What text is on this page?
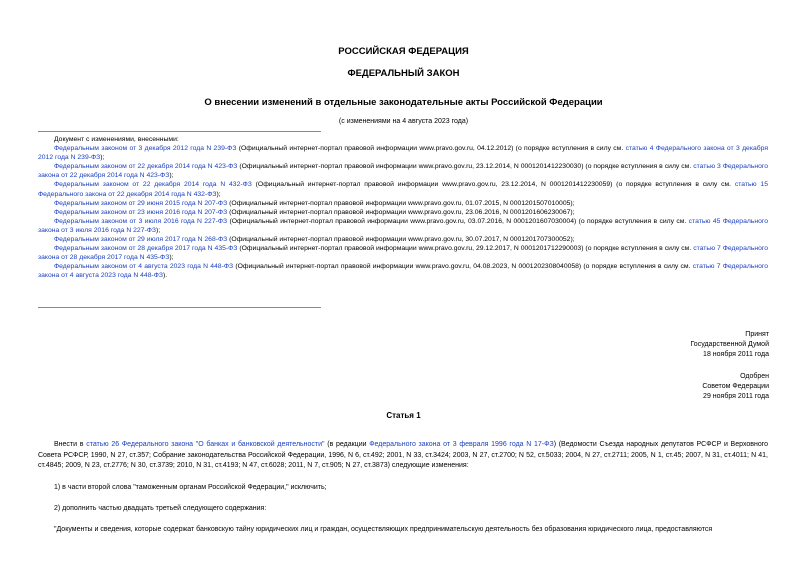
РОССИЙСКАЯ ФЕДЕРАЦИЯ
ФЕДЕРАЛЬНЫЙ ЗАКОН
О внесении изменений в отдельные законодательные акты Российской Федерации
(с изменениями на 4 августа 2023 года)
Документ с изменениями, внесенными:
Федеральным законом от 3 декабря 2012 года N 239-ФЗ (Официальный интернет-портал правовой информации www.pravo.gov.ru, 04.12.2012) (о порядке вступления в силу см. статью 4 Федерального закона от 3 декабря 2012 года N 239-ФЗ);
Федеральным законом от 22 декабря 2014 года N 423-ФЗ (Официальный интернет-портал правовой информации www.pravo.gov.ru, 23.12.2014, N 0001201412230030) (о порядке вступления в силу см. статью 3 Федерального закона от 22 декабря 2014 года N 423-ФЗ);
Федеральным законом от 22 декабря 2014 года N 432-ФЗ (Официальный интернет-портал правовой информации www.pravo.gov.ru, 23.12.2014, N 0001201412230059) (о порядке вступления в силу см. статью 15 Федерального закона от 22 декабря 2014 года N 432-ФЗ);
Федеральным законом от 29 июня 2015 года N 207-ФЗ (Официальный интернет-портал правовой информации www.pravo.gov.ru, 01.07.2015, N 0001201507010005);
Федеральным законом от 23 июня 2016 года N 207-ФЗ (Официальный интернет-портал правовой информации www.pravo.gov.ru, 23.06.2016, N 0001201606230067);
Федеральным законом от 3 июля 2016 года N 227-ФЗ (Официальный интернет-портал правовой информации www.pravo.gov.ru, 03.07.2016, N 0001201607030004) (о порядке вступления в силу см. статью 45 Федерального закона от 3 июля 2016 года N 227-ФЗ);
Федеральным законом от 29 июля 2017 года N 268-ФЗ (Официальный интернет-портал правовой информации www.pravo.gov.ru, 30.07.2017, N 0001201707300052);
Федеральным законом от 28 декабря 2017 года N 435-ФЗ (Официальный интернет-портал правовой информации www.pravo.gov.ru, 29.12.2017, N 0001201712290003) (о порядке вступления в силу см. статью 7 Федерального закона от 28 декабря 2017 года N 435-ФЗ);
Федеральным законом от 4 августа 2023 года N 448-ФЗ (Официальный интернет-портал правовой информации www.pravo.gov.ru, 04.08.2023, N 0001202308040058) (о порядке вступления в силу см. статью 7 Федерального закона от 4 августа 2023 года N 448-ФЗ).
Принят
Государственной Думой
18 ноября 2011 года
Одобрен
Советом Федерации
29 ноября 2011 года
Статья 1
Внести в статью 26 Федерального закона "О банках и банковской деятельности" (в редакции Федерального закона от 3 февраля 1996 года N 17-ФЗ) (Ведомости Съезда народных депутатов РСФСР и Верховного Совета РСФСР, 1990, N 27, ст.357; Собрание законодательства Российской Федерации, 1996, N 6, ст.492; 2001, N 33, ст.3424; 2003, N 27, ст.2700; N 52, ст.5033; 2004, N 27, ст.2711; 2005, N 1, ст.45; 2007, N 31, ст.4011; N 41, ст.4845; 2009, N 23, ст.2776; N 30, ст.3739; 2010, N 31, ст.4193; N 47, ст.6028; 2011, N 7, ст.905; N 27, ст.3873) следующие изменения:
1) в части второй слова "таможенным органам Российской Федерации," исключить;
2) дополнить частью двадцать третьей следующего содержания:
"Документы и сведения, которые содержат банковскую тайну юридических лиц и граждан, осуществляющих предпринимательскую деятельность без образования юридического лица, предоставляются
